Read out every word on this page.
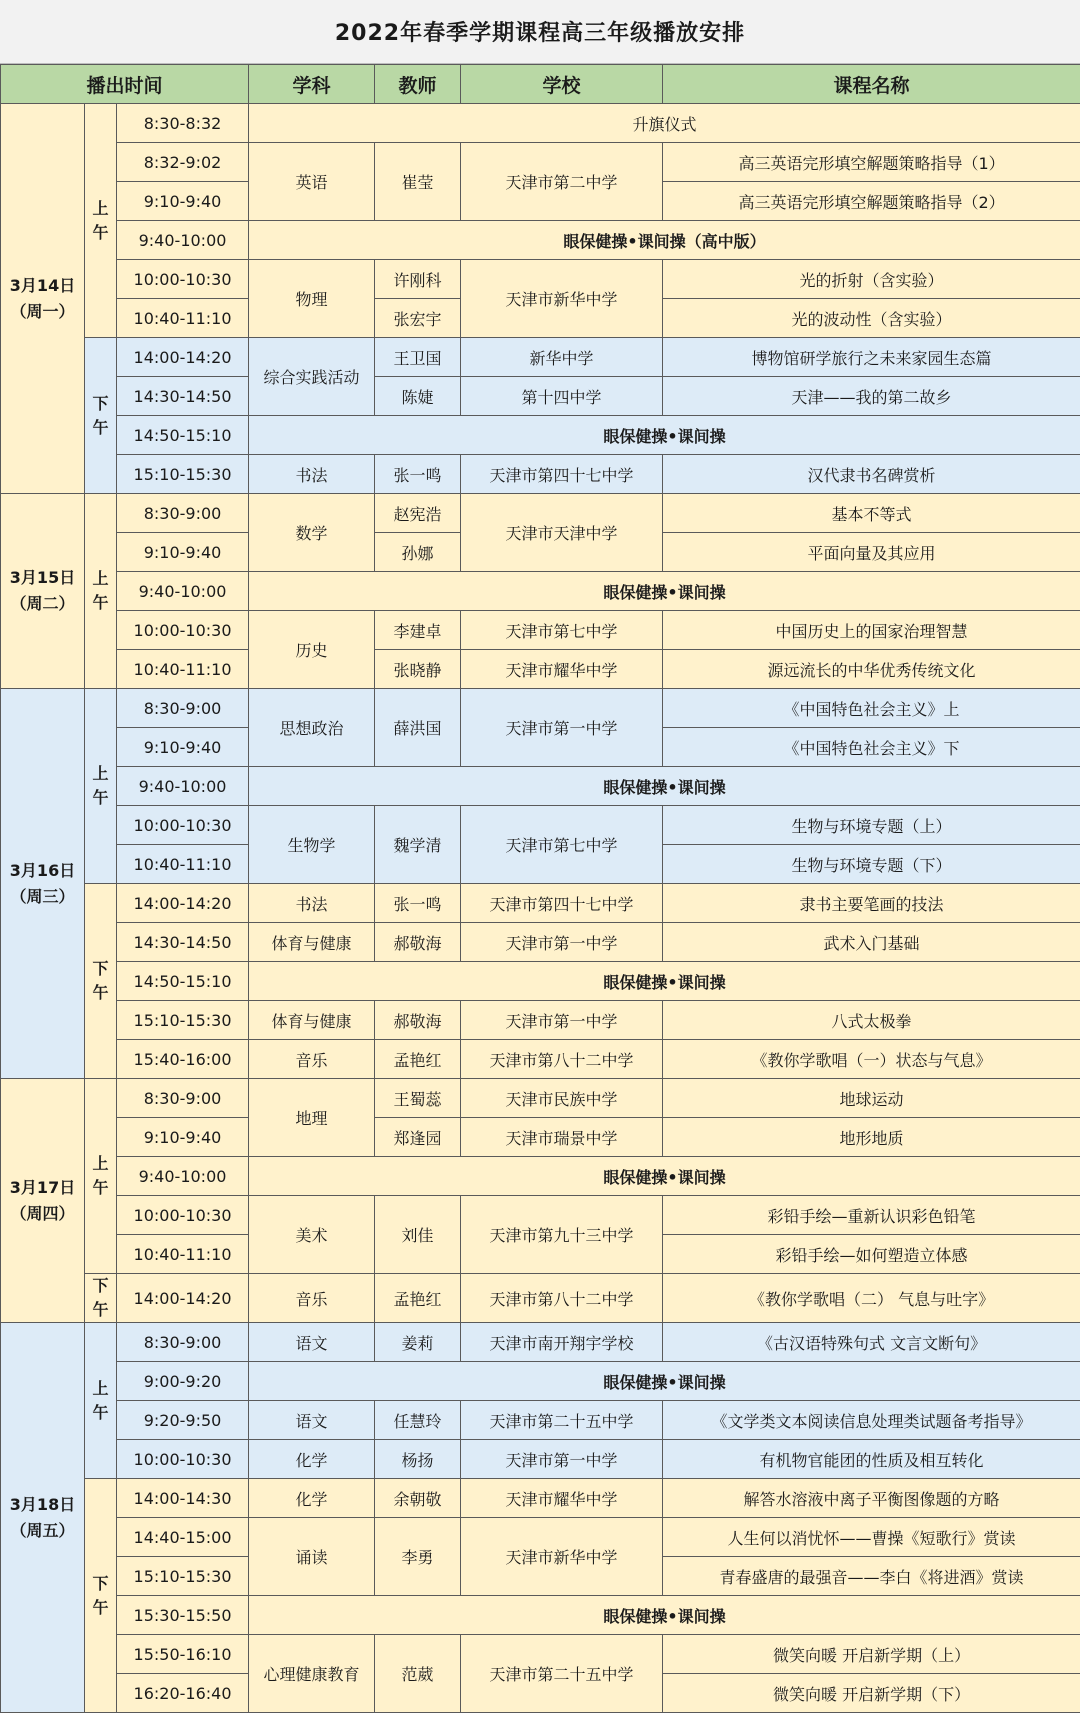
2022年春季学期课程高三年级播放安排
播出时间			学科	教师	学校	课程名称

3月14日
（周一）	上午	8:30-8:32	升旗仪式			
		8:32-9:02	英语	崔莹	天津市第二中学	高三英语完形填空解题策略指导（1）
		9:10-9:40				高三英语完形填空解题策略指导（2）
		9:40-10:00	眼保健操•课间操（高中版）			
		10:00-10:30	物理	许刚科	天津市新华中学	光的折射（含实验）
		10:40-11:10		张宏宇		光的波动性（含实验）

	下午	14:00-14:20	综合实践活动	王卫国	新华中学	博物馆研学旅行之未来家园生态篇
		14:30-14:50		陈婕	第十四中学	天津——我的第二故乡
		14:50-15:10	眼保健操•课间操			
		15:10-15:30	书法	张一鸣	天津市第四十七中学	汉代隶书名碑赏析

3月15日
（周二）	上午	8:30-9:00	数学	赵宪浩	天津市天津中学	基本不等式
		9:10-9:40		孙娜		平面向量及其应用
		9:40-10:00	眼保健操•课间操			
		10:00-10:30	历史	李建卓	天津市第七中学	中国历史上的国家治理智慧
		10:40-11:10		张晓静	天津市耀华中学	源远流长的中华优秀传统文化

3月16日
（周三）	上午	8:30-9:00	思想政治	薛洪国	天津市第一中学	《中国特色社会主义》上
		9:10-9:40				《中国特色社会主义》下
		9:40-10:00	眼保健操•课间操			
		10:00-10:30	生物学	魏学清	天津市第七中学	生物与环境专题（上）
		10:40-11:10				生物与环境专题（下）

	下午	14:00-14:20	书法	张一鸣	天津市第四十七中学	隶书主要笔画的技法
		14:30-14:50	体育与健康	郝敬海	天津市第一中学	武术入门基础
		14:50-15:10	眼保健操•课间操			
		15:10-15:30	体育与健康	郝敬海	天津市第一中学	八式太极拳
		15:40-16:00	音乐	孟艳红	天津市第八十二中学	《教你学歌唱（一）状态与气息》

3月17日
（周四）	上午	8:30-9:00	地理	王蜀蕊	天津市民族中学	地球运动
		9:10-9:40		郑逢园	天津市瑞景中学	地形地质
		9:40-10:00	眼保健操•课间操			
		10:00-10:30	美术	刘佳	天津市第九十三中学	彩铅手绘—重新认识彩色铅笔
		10:40-11:10				彩铅手绘—如何塑造立体感

	下午	14:00-14:20	音乐	孟艳红	天津市第八十二中学	《教你学歌唱（二） 气息与吐字》

3月18日
（周五）	上午	8:30-9:00	语文	姜莉	天津市南开翔宇学校	《古汉语特殊句式 文言文断句》
		9:00-9:20	眼保健操•课间操			
		9:20-9:50	语文	任慧玲	天津市第二十五中学	《文学类文本阅读信息处理类试题备考指导》
		10:00-10:30	化学	杨扬	天津市第一中学	有机物官能团的性质及相互转化

	下午	14:00-14:30	化学	余朝敬	天津市耀华中学	解答水溶液中离子平衡图像题的方略
		14:40-15:00	诵读	李勇	天津市新华中学	人生何以消忧怀——曹操《短歌行》赏读
		15:10-15:30				青春盛唐的最强音——李白《将进酒》赏读
		15:30-15:50	眼保健操•课间操			
		15:50-16:10	心理健康教育	范葳	天津市第二十五中学	微笑向暖 开启新学期（上）
		16:20-16:40				微笑向暖 开启新学期（下）
